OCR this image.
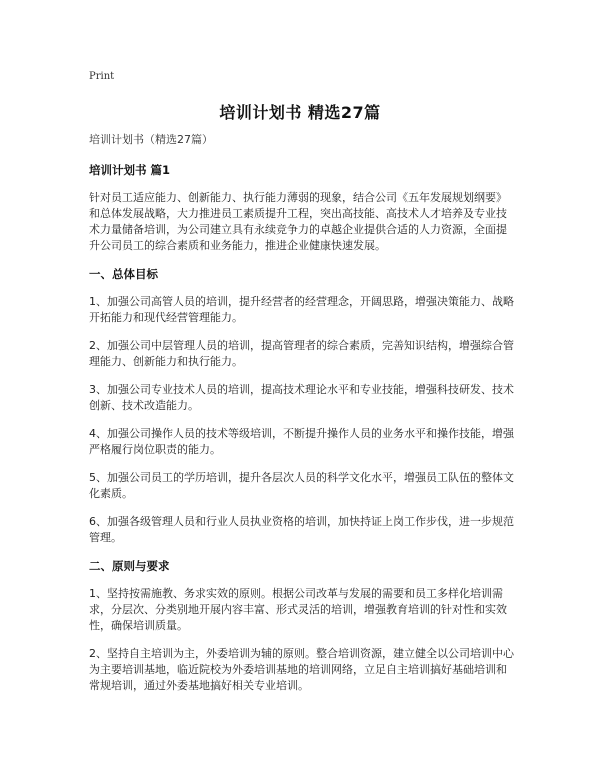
Print
培训计划书 精选27篇
培训计划书（精选27篇）
培训计划书 篇1

针对员工适应能力、创新能力、执行能力薄弱的现象，结合公司《五年发展规划纲要》和总体发展战略，大力推进员工素质提升工程，突出高技能、高技术人才培养及专业技术力量储备培训，为公司建立具有永续竞争力的卓越企业提供合适的人力资源，全面提升公司员工的综合素质和业务能力，推进企业健康快速发展。

一、总体目标

1、加强公司高管人员的培训，提升经营者的经营理念，开阔思路，增强决策能力、战略开拓能力和现代经营管理能力。

2、加强公司中层管理人员的培训，提高管理者的综合素质，完善知识结构，增强综合管理能力、创新能力和执行能力。

3、加强公司专业技术人员的培训，提高技术理论水平和专业技能，增强科技研发、技术创新、技术改造能力。

4、加强公司操作人员的技术等级培训，不断提升操作人员的业务水平和操作技能，增强严格履行岗位职责的能力。

5、加强公司员工的学历培训，提升各层次人员的科学文化水平，增强员工队伍的整体文化素质。

6、加强各级管理人员和行业人员执业资格的培训，加快持证上岗工作步伐，进一步规范管理。

二、原则与要求

1、坚持按需施教、务求实效的原则。根据公司改革与发展的需要和员工多样化培训需求，分层次、分类别地开展内容丰富、形式灵活的培训，增强教育培训的针对性和实效性，确保培训质量。

2、坚持自主培训为主，外委培训为辅的原则。整合培训资源，建立健全以公司培训中心为主要培训基地，临近院校为外委培训基地的培训网络，立足自主培训搞好基础培训和常规培训，通过外委基地搞好相关专业培训。
